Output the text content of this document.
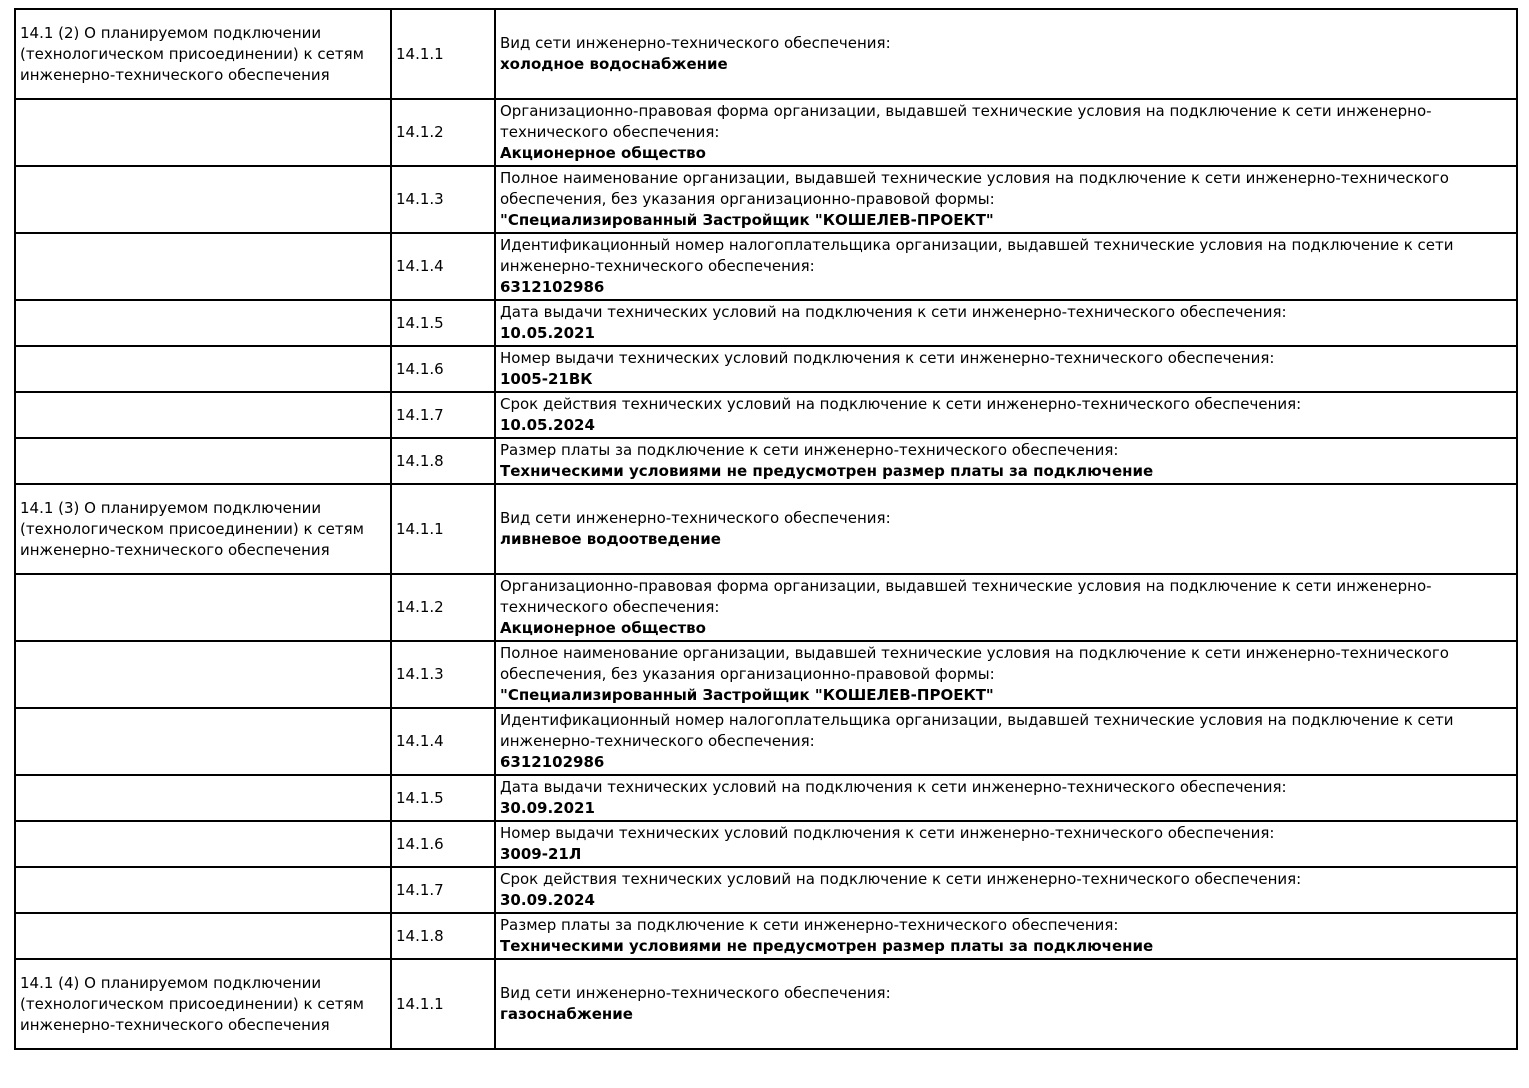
14.1 (2) О планируемом подключении (технологическом присоединении) к сетям инженерно-технического обеспечения	14.1.1	Вид сети инженерно-технического обеспечения:
холодное водоснабжение

	14.1.2	Организационно-правовая форма организации, выдавшей технические условия на подключение к сети инженерно-технического обеспечения:
Акционерное общество

	14.1.3	Полное наименование организации, выдавшей технические условия на подключение к сети инженерно-технического обеспечения, без указания организационно-правовой формы:
"Специализированный Застройщик "КОШЕЛЕВ-ПРОЕКТ"

	14.1.4	Идентификационный номер налогоплательщика организации, выдавшей технические условия на подключение к сети инженерно-технического обеспечения:
6312102986

	14.1.5	Дата выдачи технических условий на подключения к сети инженерно-технического обеспечения:
10.05.2021

	14.1.6	Номер выдачи технических условий подключения к сети инженерно-технического обеспечения:
1005-21ВК

	14.1.7	Срок действия технических условий на подключение к сети инженерно-технического обеспечения:
10.05.2024

	14.1.8	Размер платы за подключение к сети инженерно-технического обеспечения:
Техническими условиями не предусмотрен размер платы за подключение

14.1 (3) О планируемом подключении (технологическом присоединении) к сетям инженерно-технического обеспечения	14.1.1	Вид сети инженерно-технического обеспечения:
ливневое водоотведение

	14.1.2	Организационно-правовая форма организации, выдавшей технические условия на подключение к сети инженерно-технического обеспечения:
Акционерное общество

	14.1.3	Полное наименование организации, выдавшей технические условия на подключение к сети инженерно-технического обеспечения, без указания организационно-правовой формы:
"Специализированный Застройщик "КОШЕЛЕВ-ПРОЕКТ"

	14.1.4	Идентификационный номер налогоплательщика организации, выдавшей технические условия на подключение к сети инженерно-технического обеспечения:
6312102986

	14.1.5	Дата выдачи технических условий на подключения к сети инженерно-технического обеспечения:
30.09.2021

	14.1.6	Номер выдачи технических условий подключения к сети инженерно-технического обеспечения:
3009-21Л

	14.1.7	Срок действия технических условий на подключение к сети инженерно-технического обеспечения:
30.09.2024

	14.1.8	Размер платы за подключение к сети инженерно-технического обеспечения:
Техническими условиями не предусмотрен размер платы за подключение

14.1 (4) О планируемом подключении (технологическом присоединении) к сетям инженерно-технического обеспечения	14.1.1	Вид сети инженерно-технического обеспечения:
газоснабжение
